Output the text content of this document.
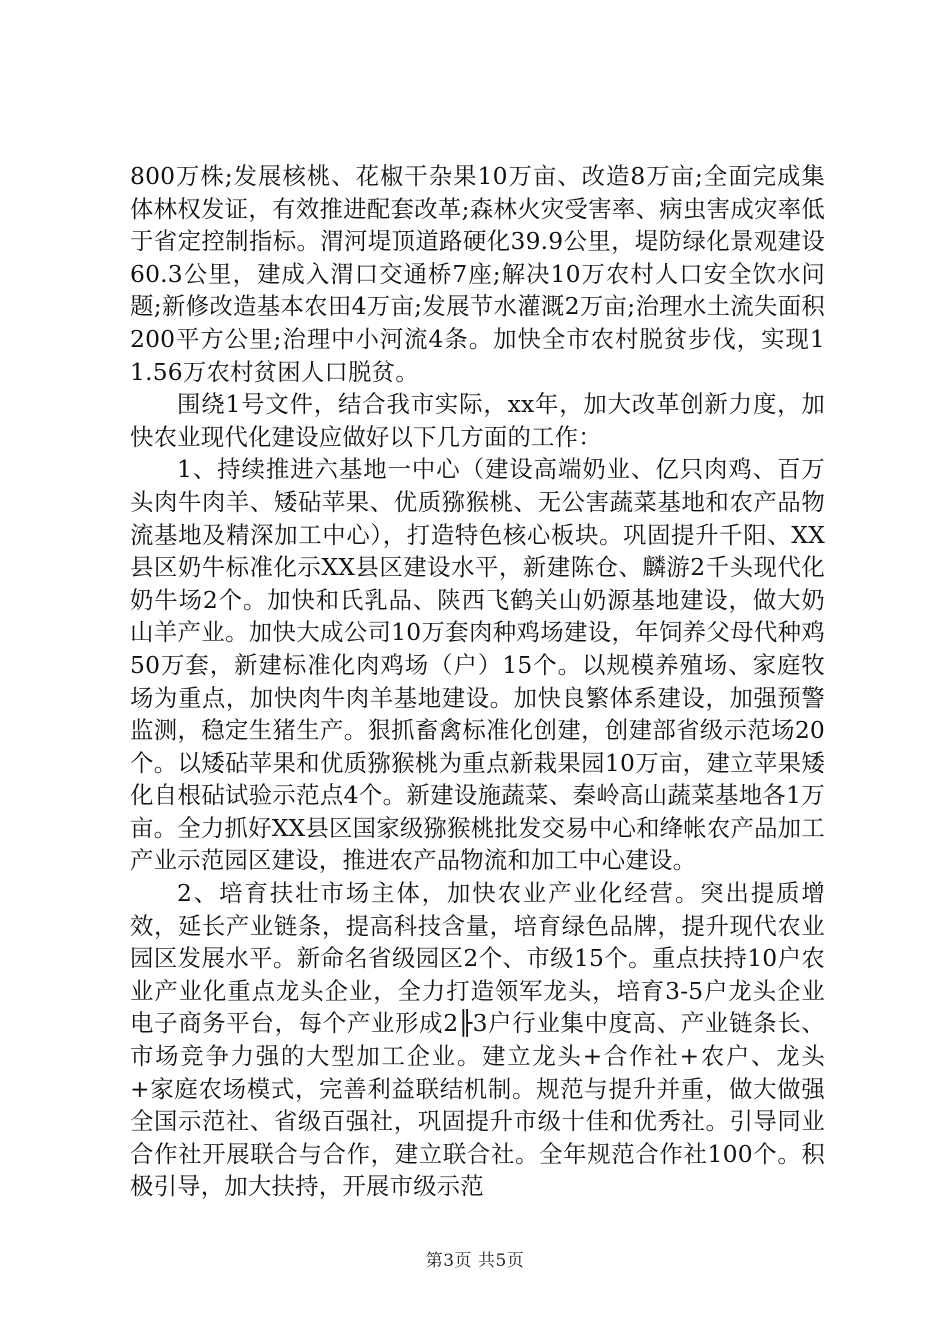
800万株;发展核桃、花椒干杂果10万亩、改造8万亩;全面完成集体林权发证，有效推进配套改革;森林火灾受害率、病虫害成灾率低于省定控制指标。渭河堤顶道路硬化39.9公里，堤防绿化景观建设60.3公里，建成入渭口交通桥7座;解决10万农村人口安全饮水问题;新修改造基本农田4万亩;发展节水灌溉2万亩;治理水土流失面积200平方公里;治理中小河流4条。加快全市农村脱贫步伐，实现11.56万农村贫困人口脱贫。

围绕1号文件，结合我市实际，xx年，加大改革创新力度，加快农业现代化建设应做好以下几方面的工作：

1、持续推进六基地一中心（建设高端奶业、亿只肉鸡、百万头肉牛肉羊、矮砧苹果、优质猕猴桃、无公害蔬菜基地和农产品物流基地及精深加工中心），打造特色核心板块。巩固提升千阳、XX县区奶牛标准化示XX县区建设水平，新建陈仓、麟游2千头现代化奶牛场2个。加快和氏乳品、陕西飞鹤关山奶源基地建设，做大奶山羊产业。加快大成公司10万套肉种鸡场建设，年饲养父母代种鸡50万套，新建标准化肉鸡场（户）15个。以规模养殖场、家庭牧场为重点，加快肉牛肉羊基地建设。加快良繁体系建设，加强预警监测，稳定生猪生产。狠抓畜禽标准化创建，创建部省级示范场20个。以矮砧苹果和优质猕猴桃为重点新栽果园10万亩，建立苹果矮化自根砧试验示范点4个。新建设施蔬菜、秦岭高山蔬菜基地各1万亩。全力抓好XX县区国家级猕猴桃批发交易中心和绛帐农产品加工产业示范园区建设，推进农产品物流和加工中心建设。

2、培育扶壮市场主体，加快农业产业化经营。突出提质增效，延长产业链条，提高科技含量，培育绿色品牌，提升现代农业园区发展水平。新命名省级园区2个、市级15个。重点扶持10户农业产业化重点龙头企业，全力打造领军龙头，培育3-5户龙头企业电子商务平台，每个产业形成2╟3户行业集中度高、产业链条长、市场竞争力强的大型加工企业。建立龙头+合作社+农户、龙头+家庭农场模式，完善利益联结机制。规范与提升并重，做大做强全国示范社、省级百强社，巩固提升市级十佳和优秀社。引导同业合作社开展联合与合作，建立联合社。全年规范合作社100个。积极引导，加大扶持，开展市级示范

第3页 共5页
